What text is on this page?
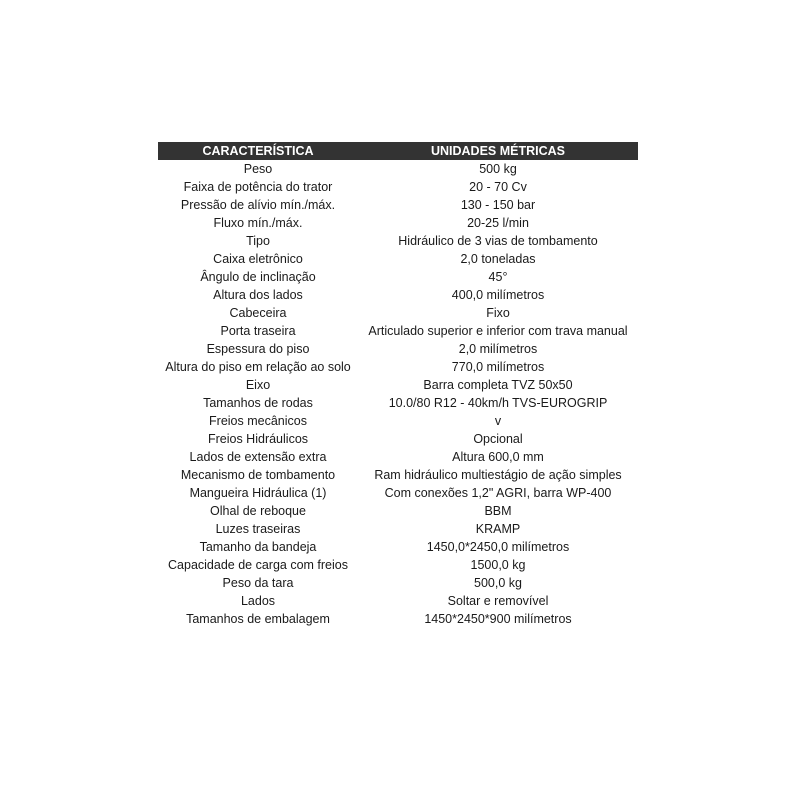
CARACTERÍSTICA	UNIDADES MÉTRICAS
Peso	500 kg
Faixa de potência do trator	20 - 70 Cv
Pressão de alívio mín./máx.	130 - 150 bar
Fluxo mín./máx.	20-25 l/min
Tipo	Hidráulico de 3 vias de tombamento
Caixa eletrônico	2,0 toneladas
Ângulo de inclinação	45°
Altura dos lados	400,0 milímetros
Cabeceira	Fixo
Porta traseira	Articulado superior e inferior com trava manual
Espessura do piso	2,0 milímetros
Altura do piso em relação ao solo	770,0 milímetros
Eixo	Barra completa TVZ 50x50
Tamanhos de rodas	10.0/80 R12 - 40km/h TVS-EUROGRIP
Freios mecânicos	v
Freios Hidráulicos	Opcional
Lados de extensão extra	Altura 600,0 mm
Mecanismo de tombamento	Ram hidráulico multiestágio de ação simples
Mangueira Hidráulica (1)	Com conexões 1,2" AGRI, barra WP-400
Olhal de reboque	BBM
Luzes traseiras	KRAMP
Tamanho da bandeja	1450,0*2450,0 milímetros
Capacidade de carga com freios	1500,0 kg
Peso da tara	500,0 kg
Lados	Soltar e removível
Tamanhos de embalagem	1450*2450*900 milímetros
